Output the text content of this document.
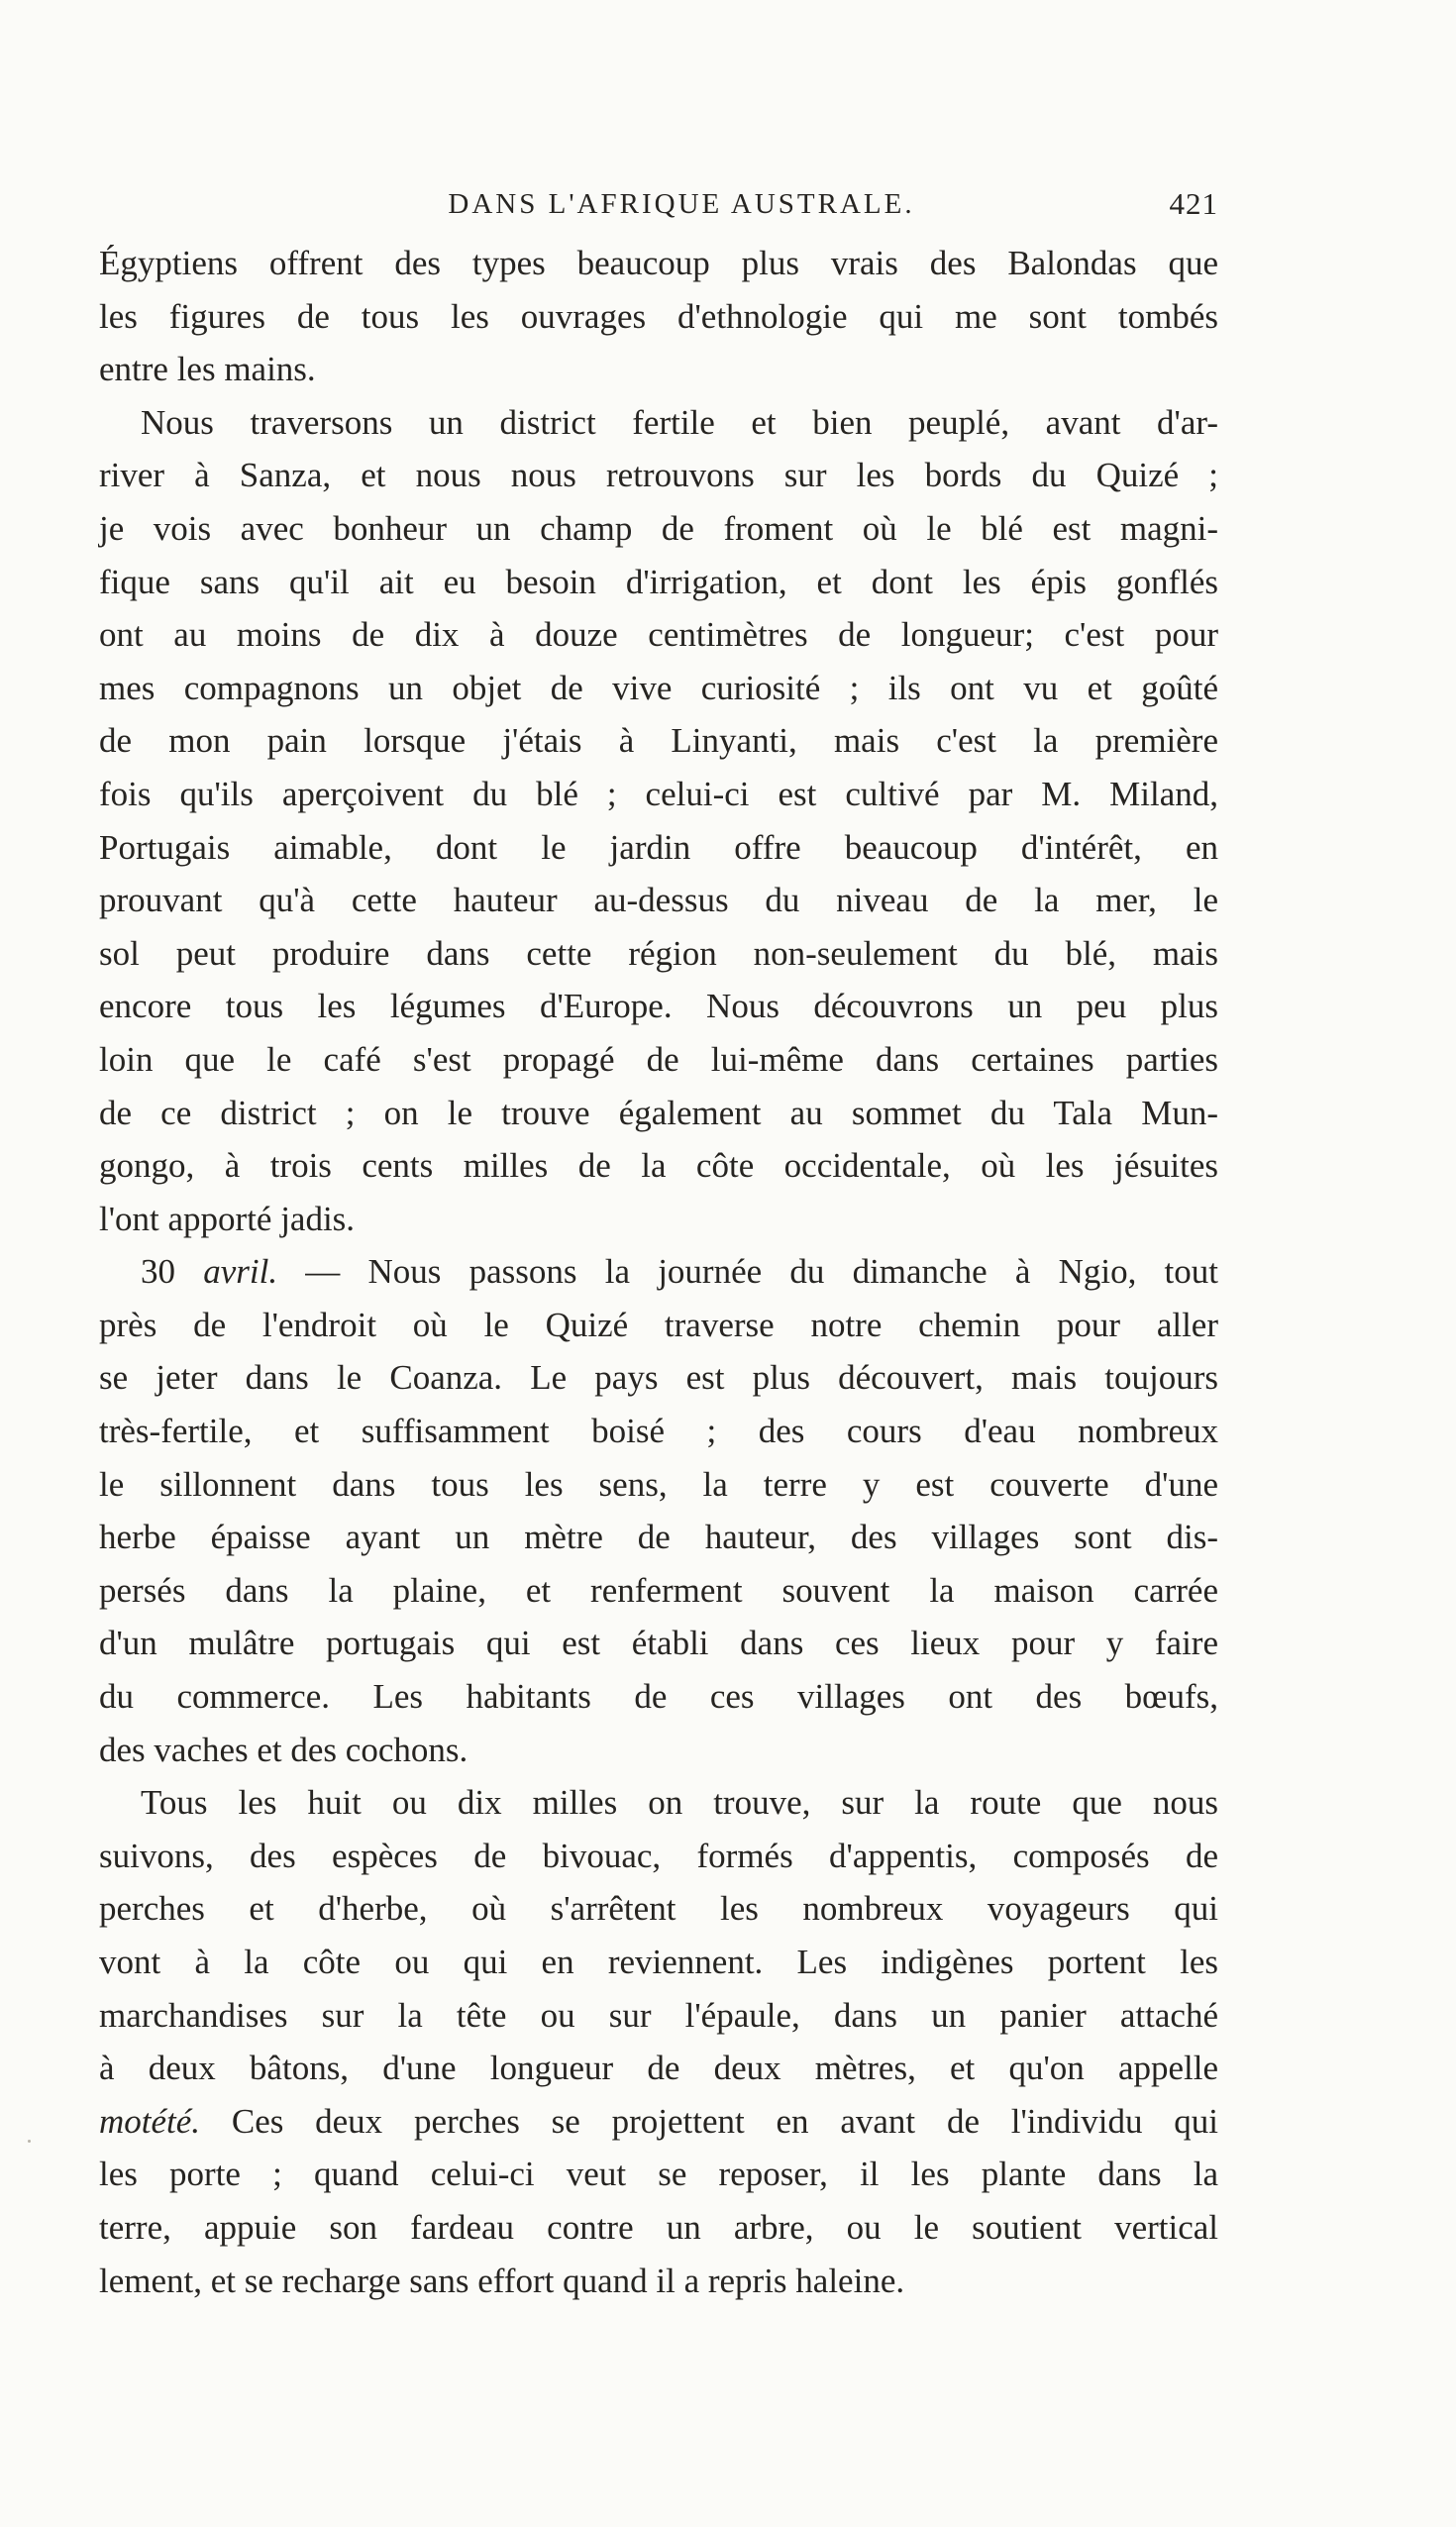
DANS L'AFRIQUE AUSTRALE.	421

Égyptiens offrent des types beaucoup plus vrais des Balondas que
les figures de tous les ouvrages d'ethnologie qui me sont tombés
entre les mains.

Nous traversons un district fertile et bien peuplé, avant d'ar-
river à Sanza, et nous nous retrouvons sur les bords du Quizé ;
je vois avec bonheur un champ de froment où le blé est magni-
fique sans qu'il ait eu besoin d'irrigation, et dont les épis gonflés
ont au moins de dix à douze centimètres de longueur; c'est pour
mes compagnons un objet de vive curiosité ; ils ont vu et goûté
de mon pain lorsque j'étais à Linyanti, mais c'est la première
fois qu'ils aperçoivent du blé ; celui-ci est cultivé par M. Miland,
Portugais aimable, dont le jardin offre beaucoup d'intérêt, en
prouvant qu'à cette hauteur au-dessus du niveau de la mer, le
sol peut produire dans cette région non-seulement du blé, mais
encore tous les légumes d'Europe. Nous découvrons un peu plus
loin que le café s'est propagé de lui-même dans certaines parties
de ce district ; on le trouve également au sommet du Tala Mun-
gongo, à trois cents milles de la côte occidentale, où les jésuites
l'ont apporté jadis.

30 avril. — Nous passons la journée du dimanche à Ngio, tout
près de l'endroit où le Quizé traverse notre chemin pour aller
se jeter dans le Coanza. Le pays est plus découvert, mais toujours
très-fertile, et suffisamment boisé ; des cours d'eau nombreux
le sillonnent dans tous les sens, la terre y est couverte d'une
herbe épaisse ayant un mètre de hauteur, des villages sont dis-
persés dans la plaine, et renferment souvent la maison carrée
d'un mulâtre portugais qui est établi dans ces lieux pour y faire
du commerce. Les habitants de ces villages ont des bœufs,
des vaches et des cochons.

Tous les huit ou dix milles on trouve, sur la route que nous
suivons, des espèces de bivouac, formés d'appentis, composés de
perches et d'herbe, où s'arrêtent les nombreux voyageurs qui
vont à la côte ou qui en reviennent. Les indigènes portent les
marchandises sur la tête ou sur l'épaule, dans un panier attaché
à deux bâtons, d'une longueur de deux mètres, et qu'on appelle
motété. Ces deux perches se projettent en avant de l'individu qui
les porte ; quand celui-ci veut se reposer, il les plante dans la
terre, appuie son fardeau contre un arbre, ou le soutient vertical
lement, et se recharge sans effort quand il a repris haleine.
